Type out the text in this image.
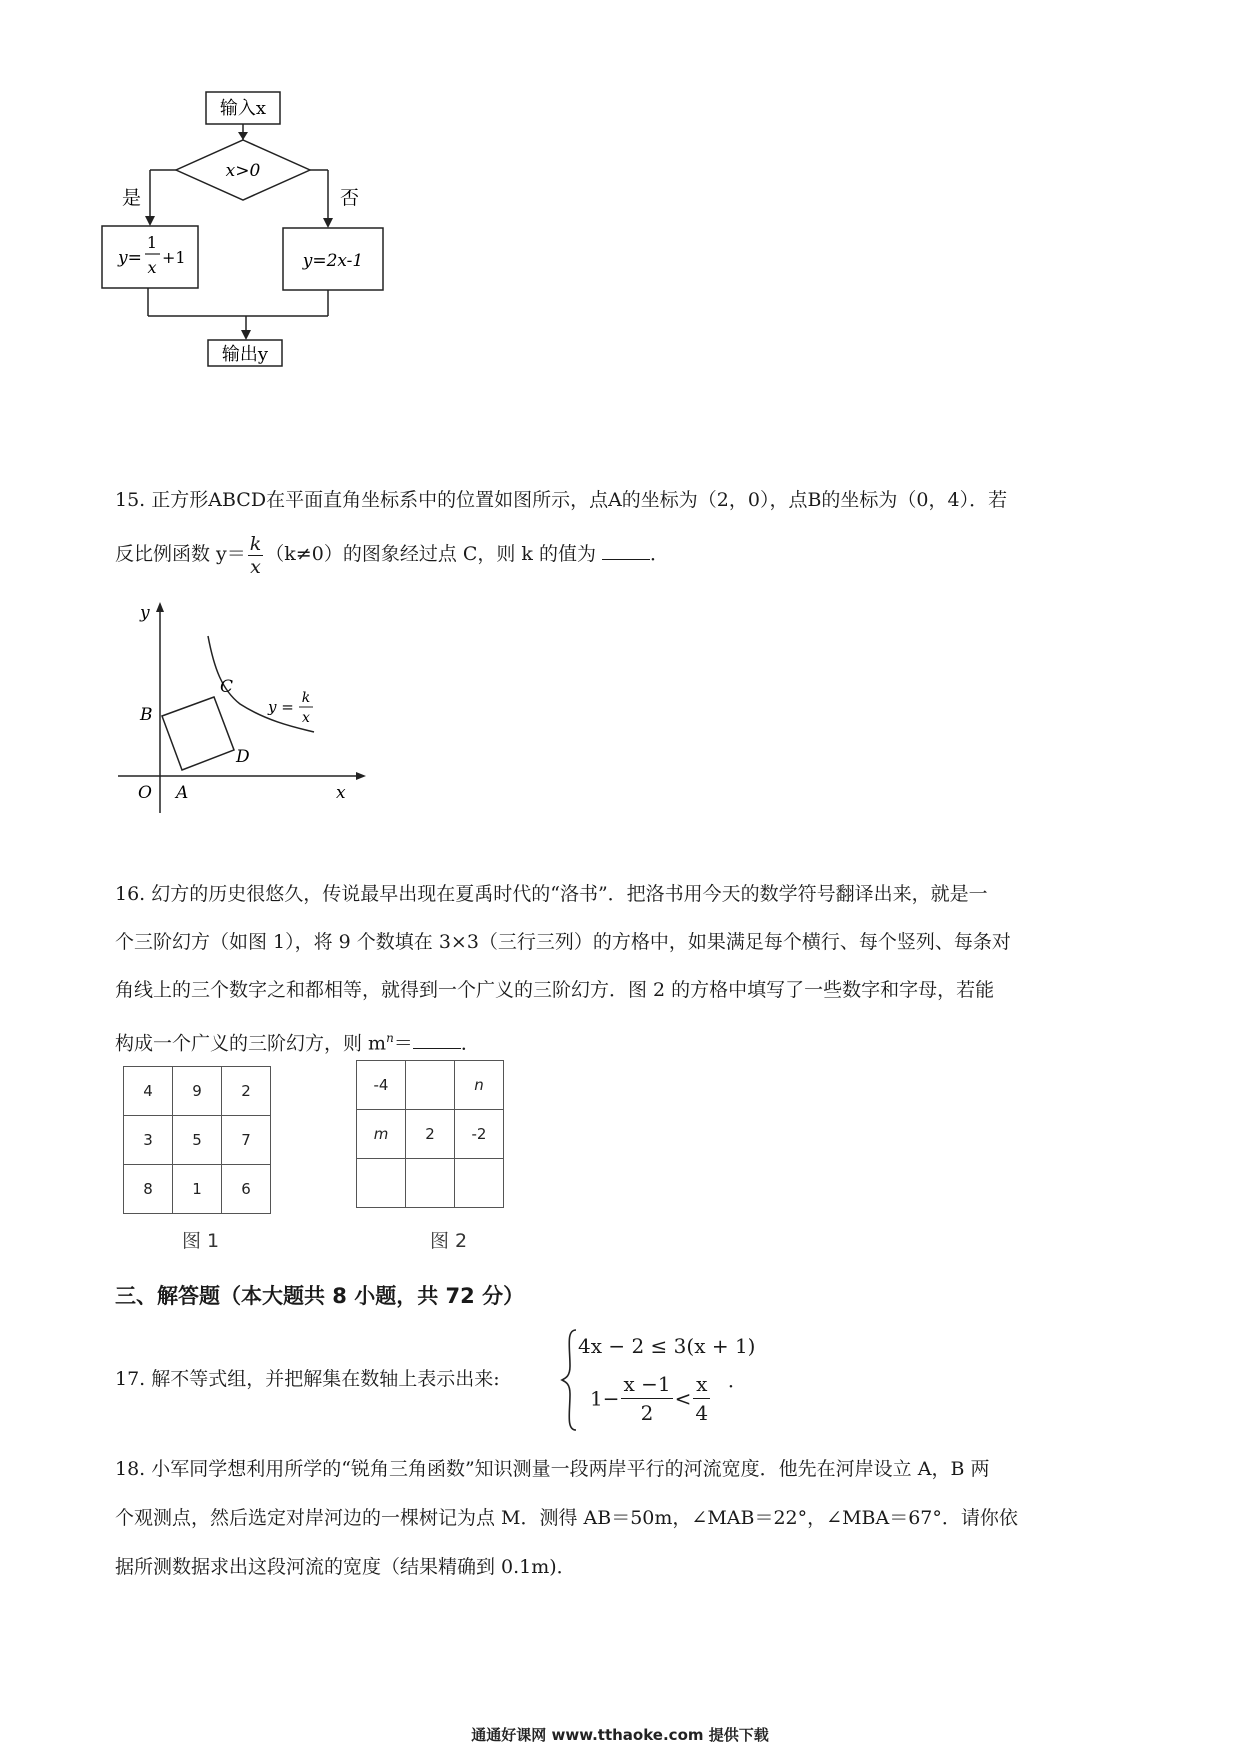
输入x
x>0
是	否
y=
1
x
+1	y=2x-1
输出y

15. 正方形ABCD在平面直角坐标系中的位置如图所示，点A的坐标为（2，0），点B的坐标为（0，4）．若

反比例函数 $y= \frac{k}{x} (k\ne 0)$的图象经过点 C，则 k 的值为	．

y
x
O A
B
C
D
y = k
x

16. 幻方的历史很悠久，传说最早出现在夏禹时代的“洛书”．把洛书用今天的数学符号翻译出来，就是一

个三阶幻方（如图 1），将 9 个数填在 3×3（三行三列）的方格中，如果满足每个横行、每个竖列、每条对

角线上的三个数字之和都相等，就得到一个广义的三阶幻方．图 2 的方格中填写了一些数字和字母，若能

构成一个广义的三阶幻方，则 $m^n=$	．

4	9	2
3	5	7
8	1	6
-4		n
m	2	-2

图 1	图 2
三、解答题（本大题共 8 小题，共 72 分）
17. 解不等式组，并把解集在数轴上表示出来:
4x − 2 ≤ 3(x + 1)
$1- \frac{x -1}{2} < \frac{x}{4}$ ．

18. 小军同学想利用所学的“锐角三角函数”知识测量一段两岸平行的河流宽度．他先在河岸设立 A，B 两

个观测点，然后选定对岸河边的一棵树记为点 M．测得 AB＝50m，∠MAB＝22°，∠MBA＝67°．请你依

据所测数据求出这段河流的宽度（结果精确到 0.1m)．

通通好课网 www.tthaoke.com 提供下载
